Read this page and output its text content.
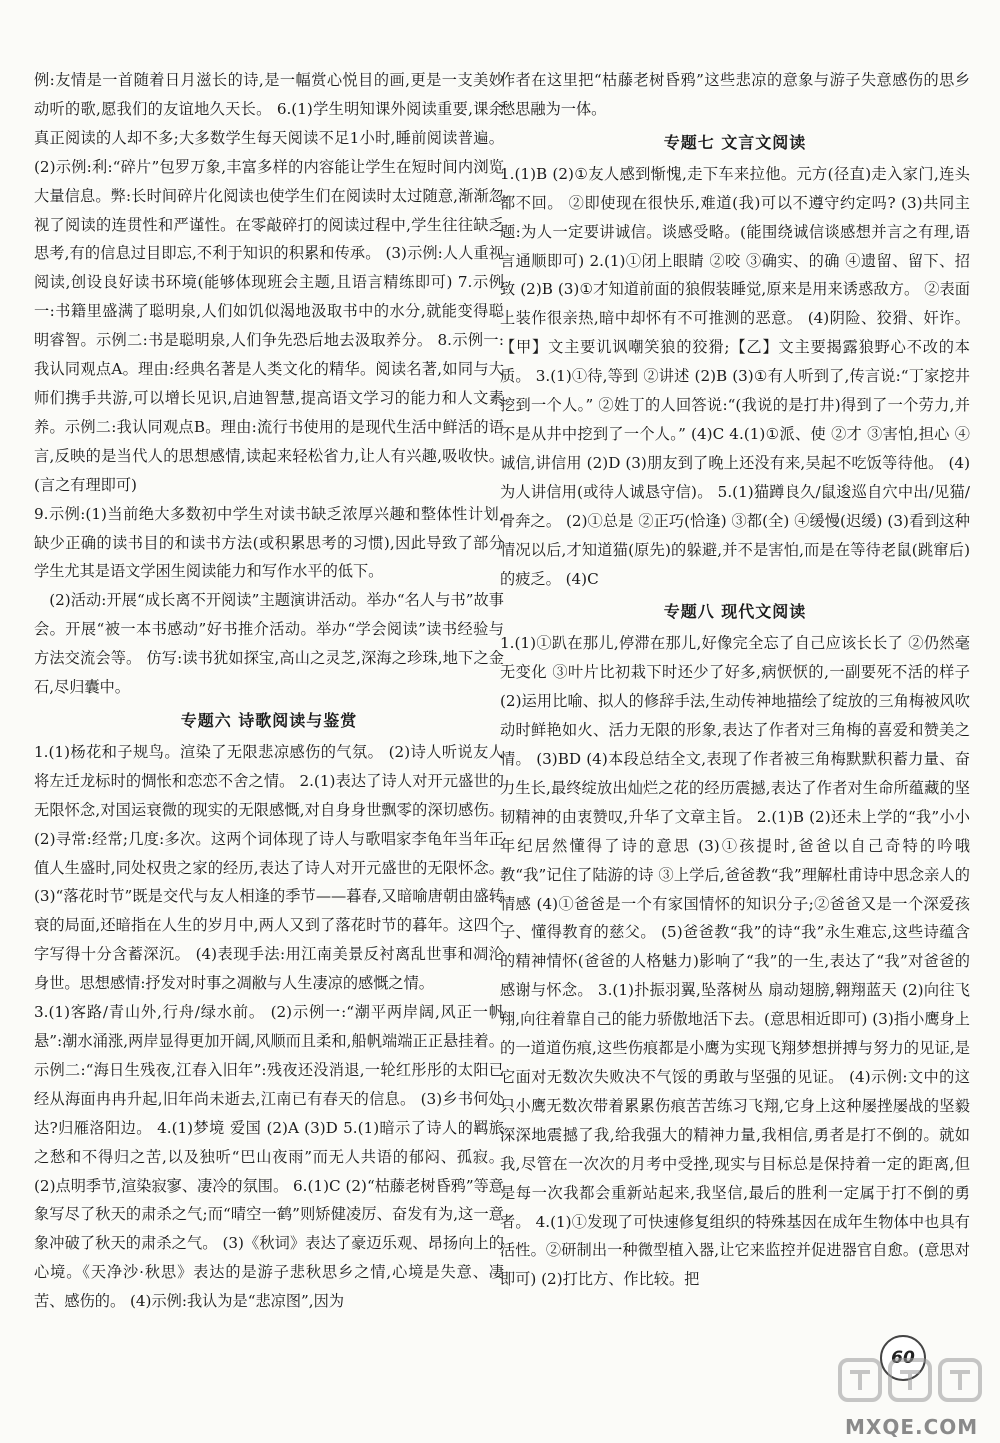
例:友情是一首随着日月滋长的诗,是一幅赏心悦目的画,更是一支美妙动听的歌,愿我们的友谊地久天长。 6.(1)学生明知课外阅读重要,课余真正阅读的人却不多;大多数学生每天阅读不足1小时,睡前阅读普遍。 (2)示例:利:“碎片”包罗万象,丰富多样的内容能让学生在短时间内浏览大量信息。弊:长时间碎片化阅读也使学生们在阅读时太过随意,渐渐忽视了阅读的连贯性和严谨性。在零敲碎打的阅读过程中,学生往往缺乏思考,有的信息过目即忘,不利于知识的积累和传承。 (3)示例:人人重视阅读,创设良好读书环境(能够体现班会主题,且语言精练即可) 7.示例一:书籍里盛满了聪明泉,人们如饥似渴地汲取书中的水分,就能变得聪明睿智。示例二:书是聪明泉,人们争先恐后地去汲取养分。 8.示例一:我认同观点A。理由:经典名著是人类文化的精华。阅读名著,如同与大师们携手共游,可以增长见识,启迪智慧,提高语文学习的能力和人文素养。示例二:我认同观点B。理由:流行书使用的是现代生活中鲜活的语言,反映的是当代人的思想感情,读起来轻松省力,让人有兴趣,吸收快。(言之有理即可)

9.示例:(1)当前绝大多数初中学生对读书缺乏浓厚兴趣和整体性计划,缺少正确的读书目的和读书方法(或积累思考的习惯),因此导致了部分学生尤其是语文学困生阅读能力和写作水平的低下。

(2)活动:开展“成长离不开阅读”主题演讲活动。举办“名人与书”故事会。开展“被一本书感动”好书推介活动。举办“学会阅读”读书经验与方法交流会等。 仿写:读书犹如探宝,高山之灵芝,深海之珍珠,地下之金石,尽归囊中。

专题六 诗歌阅读与鉴赏

1.(1)杨花和子规鸟。渲染了无限悲凉感伤的气氛。 (2)诗人听说友人将左迁龙标时的惆怅和恋恋不舍之情。 2.(1)表达了诗人对开元盛世的无限怀念,对国运衰微的现实的无限感慨,对自身身世飘零的深切感伤。 (2)寻常:经常;几度:多次。这两个词体现了诗人与歌唱家李龟年当年正值人生盛时,同处权贵之家的经历,表达了诗人对开元盛世的无限怀念。 (3)“落花时节”既是交代与友人相逢的季节——暮春,又暗喻唐朝由盛转衰的局面,还暗指在人生的岁月中,两人又到了落花时节的暮年。这四个字写得十分含蓄深沉。 (4)表现手法:用江南美景反衬离乱世事和凋沦身世。思想感情:抒发对时事之凋敝与人生凄凉的感慨之情。

3.(1)客路/青山外,行舟/绿水前。 (2)示例一:“潮平两岸阔,风正一帆悬”:潮水涌涨,两岸显得更加开阔,风顺而且柔和,船帆端端正正悬挂着。示例二:“海日生残夜,江春入旧年”:残夜还没消退,一轮红彤彤的太阳已经从海面冉冉升起,旧年尚未逝去,江南已有春天的信息。 (3)乡书何处达?归雁洛阳边。 4.(1)梦境 爱国 (2)A (3)D 5.(1)暗示了诗人的羁旅之愁和不得归之苦,以及独听“巴山夜雨”而无人共语的郁闷、孤寂。 (2)点明季节,渲染寂寥、凄冷的氛围。 6.(1)C (2)“枯藤老树昏鸦”等意象写尽了秋天的肃杀之气;而“晴空一鹤”则矫健凌厉、奋发有为,这一意象冲破了秋天的肃杀之气。 (3)《秋词》表达了豪迈乐观、昂扬向上的心境。《天净沙·秋思》表达的是游子悲秋思乡之情,心境是失意、凄苦、感伤的。 (4)示例:我认为是“悲凉图”,因为

作者在这里把“枯藤老树昏鸦”这些悲凉的意象与游子失意感伤的思乡愁思融为一体。

专题七 文言文阅读

1.(1)B (2)①友人感到惭愧,走下车来拉他。元方(径直)走入家门,连头都不回。 ②即使现在很快乐,难道(我)可以不遵守约定吗? (3)共同主题:为人一定要讲诚信。谈感受略。(能围绕诚信谈感想并言之有理,语言通顺即可) 2.(1)①闭上眼睛 ②咬 ③确实、的确 ④遗留、留下、招致 (2)B (3)①才知道前面的狼假装睡觉,原来是用来诱惑敌方。 ②表面上装作很亲热,暗中却怀有不可推测的恶意。 (4)阴险、狡猾、奸诈。【甲】文主要讥讽嘲笑狼的狡猾;【乙】文主要揭露狼野心不改的本质。 3.(1)①待,等到 ②讲述 (2)B (3)①有人听到了,传言说:“丁家挖井挖到一个人。” ②姓丁的人回答说:“(我说的是打井)得到了一个劳力,并不是从井中挖到了一个人。” (4)C 4.(1)①派、使 ②才 ③害怕,担心 ④诚信,讲信用 (2)D (3)朋友到了晚上还没有来,吴起不吃饭等待他。 (4)为人讲信用(或待人诚恳守信)。 5.(1)猫蹲良久/鼠逡巡自穴中出/见猫/骨奔之。 (2)①总是 ②正巧(恰逢) ③都(全) ④缓慢(迟缓) (3)看到这种情况以后,才知道猫(原先)的躲避,并不是害怕,而是在等待老鼠(跳窜后)的疲乏。 (4)C

专题八 现代文阅读

1.(1)①趴在那儿,停滞在那儿,好像完全忘了自己应该长长了 ②仍然毫无变化 ③叶片比初栽下时还少了好多,病恹恹的,一副要死不活的样子 (2)运用比喻、拟人的修辞手法,生动传神地描绘了绽放的三角梅被风吹动时鲜艳如火、活力无限的形象,表达了作者对三角梅的喜爱和赞美之情。 (3)BD (4)本段总结全文,表现了作者被三角梅默默积蓄力量、奋力生长,最终绽放出灿烂之花的经历震撼,表达了作者对生命所蕴藏的坚韧精神的由衷赞叹,升华了文章主旨。 2.(1)B (2)还未上学的“我”小小年纪居然懂得了诗的意思 (3)①孩提时,爸爸以自己奇特的吟哦教“我”记住了陆游的诗 ③上学后,爸爸教“我”理解杜甫诗中思念亲人的情感 (4)①爸爸是一个有家国情怀的知识分子;②爸爸又是一个深爱孩子、懂得教育的慈父。 (5)爸爸教“我”的诗“我”永生难忘,这些诗蕴含的精神情怀(爸爸的人格魅力)影响了“我”的一生,表达了“我”对爸爸的感谢与怀念。 3.(1)扑振羽翼,坠落树丛 扇动翅膀,翱翔蓝天 (2)向往飞翔,向往着靠自己的能力骄傲地活下去。(意思相近即可) (3)指小鹰身上的一道道伤痕,这些伤痕都是小鹰为实现飞翔梦想拼搏与努力的见证,是它面对无数次失败决不气馁的勇敢与坚强的见证。 (4)示例:文中的这只小鹰无数次带着累累伤痕苦苦练习飞翔,它身上这种屡挫屡战的坚毅深深地震撼了我,给我强大的精神力量,我相信,勇者是打不倒的。就如我,尽管在一次次的月考中受挫,现实与目标总是保持着一定的距离,但是每一次我都会重新站起来,我坚信,最后的胜利一定属于打不倒的勇者。 4.(1)①发现了可快速修复组织的特殊基因在成年生物体中也具有活性。②研制出一种微型植入器,让它来监控并促进器官自愈。(意思对即可) (2)打比方、作比较。把

60
MXQE.COM
